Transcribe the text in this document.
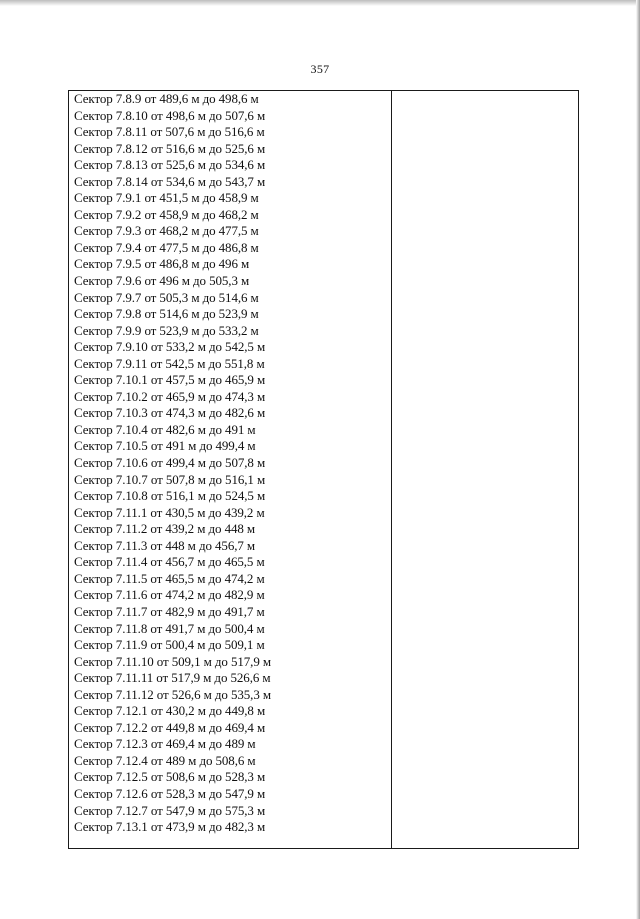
357
Сектор 7.8.9 от 489,6 м до 498,6 м
Сектор 7.8.10 от 498,6 м до 507,6 м
Сектор 7.8.11 от 507,6 м до 516,6 м
Сектор 7.8.12 от 516,6 м до 525,6 м
Сектор 7.8.13 от 525,6 м до 534,6 м
Сектор 7.8.14 от 534,6 м до 543,7 м
Сектор 7.9.1 от 451,5 м до 458,9 м
Сектор 7.9.2 от 458,9 м до 468,2 м
Сектор 7.9.3 от 468,2 м до 477,5 м
Сектор 7.9.4 от 477,5 м до 486,8 м
Сектор 7.9.5 от 486,8 м до 496 м
Сектор 7.9.6 от 496 м до 505,3 м
Сектор 7.9.7 от 505,3 м до 514,6 м
Сектор 7.9.8 от 514,6 м до 523,9 м
Сектор 7.9.9 от 523,9 м до 533,2 м
Сектор 7.9.10 от 533,2 м до 542,5 м
Сектор 7.9.11 от 542,5 м до 551,8 м
Сектор 7.10.1 от 457,5 м до 465,9 м
Сектор 7.10.2 от 465,9 м до 474,3 м
Сектор 7.10.3 от 474,3 м до 482,6 м
Сектор 7.10.4 от 482,6 м до 491 м
Сектор 7.10.5 от 491 м до 499,4 м
Сектор 7.10.6 от 499,4 м до 507,8 м
Сектор 7.10.7 от 507,8 м до 516,1 м
Сектор 7.10.8 от 516,1 м до 524,5 м
Сектор 7.11.1 от 430,5 м до 439,2 м
Сектор 7.11.2 от 439,2 м до 448 м
Сектор 7.11.3 от 448 м до 456,7 м
Сектор 7.11.4 от 456,7 м до 465,5 м
Сектор 7.11.5 от 465,5 м до 474,2 м
Сектор 7.11.6 от 474,2 м до 482,9 м
Сектор 7.11.7 от 482,9 м до 491,7 м
Сектор 7.11.8 от 491,7 м до 500,4 м
Сектор 7.11.9 от 500,4 м до 509,1 м
Сектор 7.11.10 от 509,1 м до 517,9 м
Сектор 7.11.11 от 517,9 м до 526,6 м
Сектор 7.11.12 от 526,6 м до 535,3 м
Сектор 7.12.1 от 430,2 м до 449,8 м
Сектор 7.12.2 от 449,8 м до 469,4 м
Сектор 7.12.3 от 469,4 м до 489 м
Сектор 7.12.4 от 489 м до 508,6 м
Сектор 7.12.5 от 508,6 м до 528,3 м
Сектор 7.12.6 от 528,3 м до 547,9 м
Сектор 7.12.7 от 547,9 м до 575,3 м
Сектор 7.13.1 от 473,9 м до 482,3 м
